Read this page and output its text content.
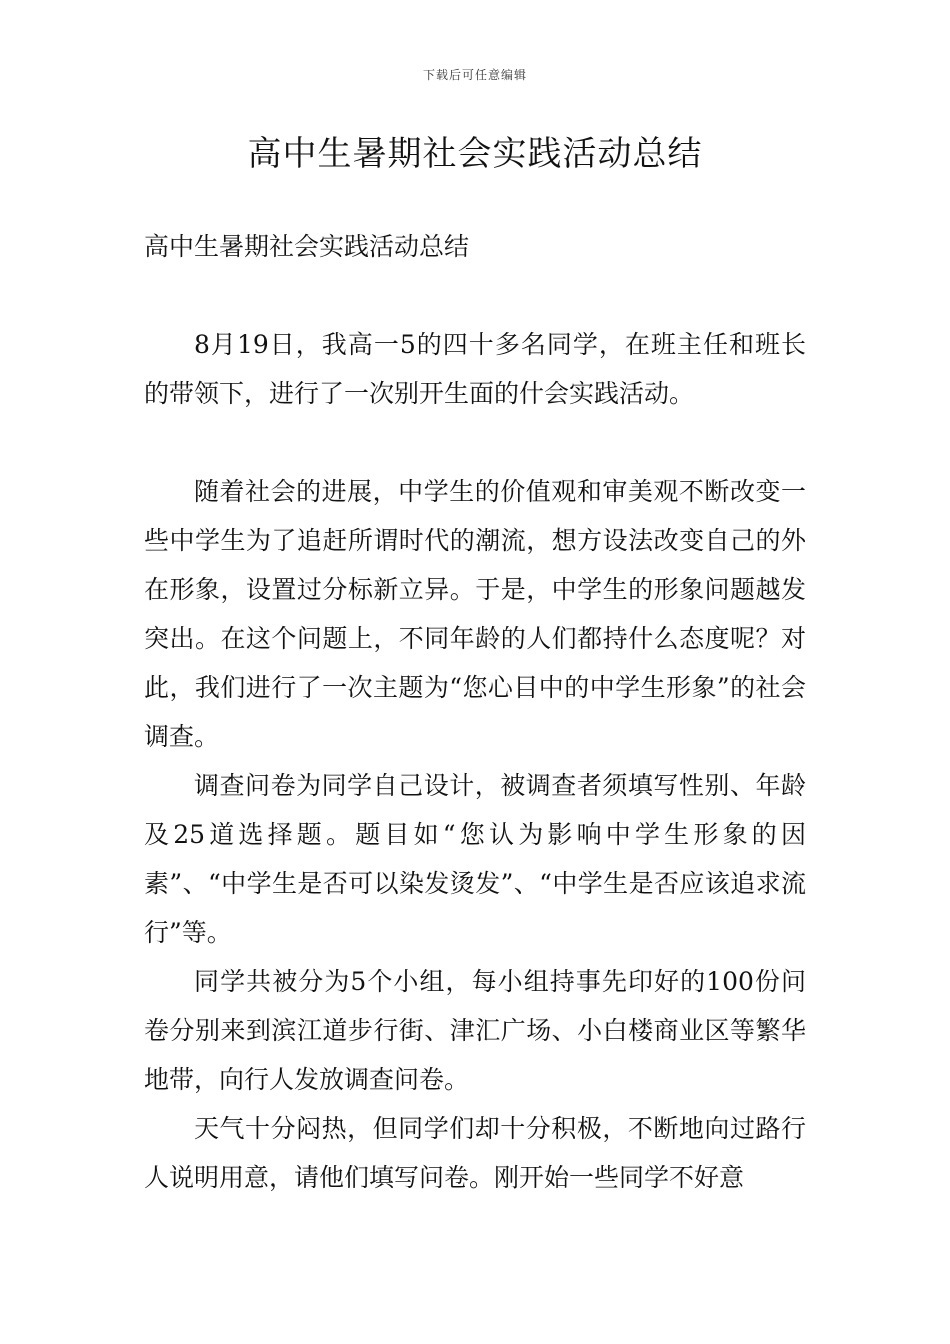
下载后可任意编辑
高中生暑期社会实践活动总结

高中生暑期社会实践活动总结

8月19日，我高一5的四十多名同学，在班主任和班长的带领下，进行了一次别开生面的什会实践活动。

随着社会的进展，中学生的价值观和审美观不断改变一些中学生为了追赶所谓时代的潮流，想方设法改变自己的外在形象，设置过分标新立异。于是，中学生的形象问题越发突出。在这个问题上，不同年龄的人们都持什么态度呢？对此，我们进行了一次主题为“您心目中的中学生形象”的社会调查。

调查问卷为同学自己设计，被调查者须填写性别、年龄及25道选择题。题目如“您认为影响中学生形象的因素”、“中学生是否可以染发烫发”、“中学生是否应该追求流行”等。

同学共被分为5个小组，每小组持事先印好的100份问卷分别来到滨江道步行街、津汇广场、小白楼商业区等繁华地带，向行人发放调查问卷。

天气十分闷热，但同学们却十分积极，不断地向过路行人说明用意，请他们填写问卷。刚开始一些同学不好意
